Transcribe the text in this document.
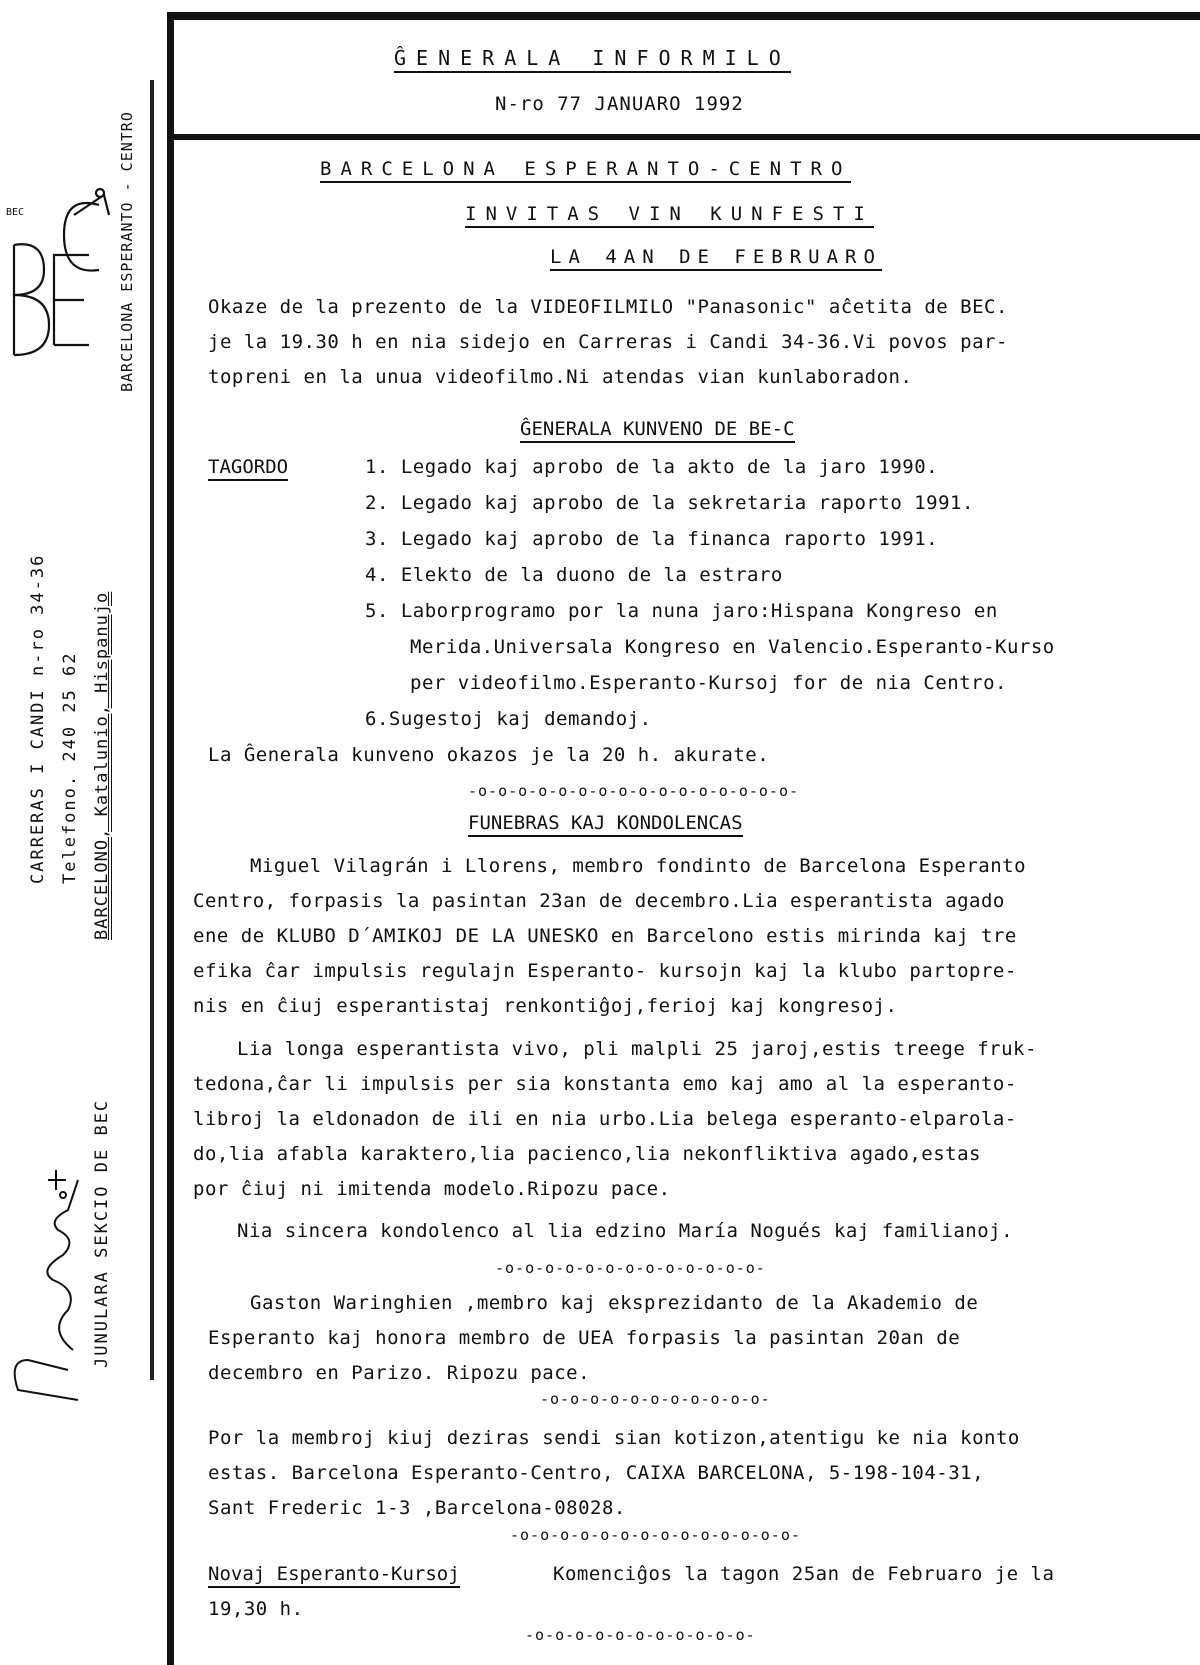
BARCELONA ESPERANTO - CENTRO
BEC
CARRERAS I CANDI n-ro 34-36 Telefono. 240 25 62 BARCELONO, Katalunio, Hispanujo
Alomor	JUNULARA SEKCIO DE BEC
ĜENERALA INFORMILO
N-ro 77 JANUARO 1992
BARCELONA ESPERANTO-CENTRO
INVITAS VIN KUNFESTI
LA 4AN DE FEBRUARO
Okaze de la prezento de la VIDEOFILMILO "Panasonic" aĉetita de BEC.
je la 19.30 h en nia sidejo en Carreras i Candi 34-36.Vi povos par-
topreni en la unua videofilmo.Ni atendas vian kunlaboradon.
ĜENERALA KUNVENO DE BE-C
TAGORDO	1. Legado kaj aprobo de la akto de la jaro 1990.
2. Legado kaj aprobo de la sekretaria raporto 1991.
3. Legado kaj aprobo de la financa raporto 1991.
4. Elekto de la duono de la estraro
5. Laborprogramo por la nuna jaro:Hispana Kongreso en
Merida.Universala Kongreso en Valencio.Esperanto-Kurso
per videofilmo.Esperanto-Kursoj for de nia Centro.
6.Sugestoj kaj demandoj.
La Ĝenerala kunveno okazos je la 20 h. akurate.
-o-o-o-o-o-o-o-o-o-o-o-o-o-o-o-o-
FUNEBRAS KAJ KONDOLENCAS
Miguel Vilagrán i Llorens, membro fondinto de Barcelona Esperanto
Centro, forpasis la pasintan 23an de decembro.Lia esperantista agado
ene de KLUBO D´AMIKOJ DE LA UNESKO en Barcelono estis mirinda kaj tre
efika ĉar impulsis regulajn Esperanto- kursojn kaj la klubo partopre-
nis en ĉiuj esperantistaj renkontiĝoj,ferioj kaj kongresoj.
Lia longa esperantista vivo, pli malpli 25 jaroj,estis treege fruk-
tedona,ĉar li impulsis per sia konstanta emo kaj amo al la esperanto-
libroj la eldonadon de ili en nia urbo.Lia belega esperanto-elparola-
do,lia afabla karaktero,lia pacienco,lia nekonfliktiva agado,estas
por ĉiuj ni imitenda modelo.Ripozu pace.
Nia sincera kondolenco al lia edzino María Nogués kaj familianoj.
-o-o-o-o-o-o-o-o-o-o-o-o-o-
Gaston Waringhien ,membro kaj eksprezidanto de la Akademio de
Esperanto kaj honora membro de UEA forpasis la pasintan 20an de
decembro en Parizo. Ripozu pace.
-o-o-o-o-o-o-o-o-o-o-o-
Por la membroj kiuj deziras sendi sian kotizon,atentigu ke nia konto
estas. Barcelona Esperanto-Centro, CAIXA BARCELONA, 5-198-104-31,
Sant Frederic 1-3 ,Barcelona-08028.
-o-o-o-o-o-o-o-o-o-o-o-o-o-o-
Novaj Esperanto-Kursoj	Komenciĝos la tagon 25an de Februaro je la
19,30 h.
-o-o-o-o-o-o-o-o-o-o-o-
